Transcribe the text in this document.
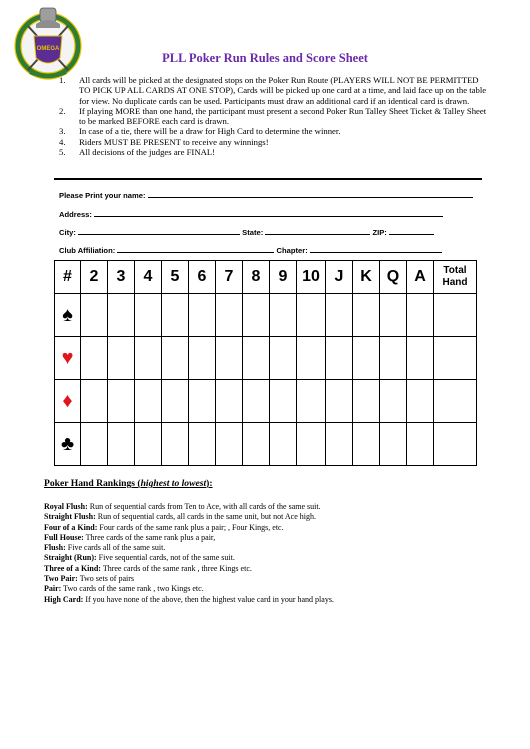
OMEGA
PLL Poker Run Rules and Score Sheet
1. All cards will be picked at the designated stops on the Poker Run Route (PLAYERS WILL NOT BE PERMITTED TO PICK UP ALL CARDS AT ONE STOP), Cards will be picked up one card at a time, and laid face up on the table for view. No duplicate cards can be used. Participants must draw an additional card if an identical card is drawn.
2. If playing MORE than one hand, the participant must present a second Poker Run Talley Sheet Ticket & Talley Sheet to be marked BEFORE each card is drawn.
3. In case of a tie, there will be a draw for High Card to determine the winner.
4. Riders MUST BE PRESENT to receive any winnings!
5. All decisions of the judges are FINAL!
Please Print your name:
Address:
City:	State:	ZIP:
Club Affiliation:	Chapter:
#	2	3	4	5	6	7	8	9	10	J	K	Q	A	Total
Hand
♠														
♥														
♦														
♣														
Poker Hand Rankings (highest to lowest):
Royal Flush: Run of sequential cards from Ten to Ace, with all cards of the same suit.
Straight Flush: Run of sequential cards, all cards in the same unit, but not Ace high.
Four of a Kind: Four cards of the same rank plus a pair; , Four Kings, etc.
Full House: Three cards of the same rank plus a pair,
Flush: Five cards all of the same suit.
Straight (Run): Five sequential cards, not of the same suit.
Three of a Kind: Three cards of the same rank , three Kings etc.
Two Pair: Two sets of pairs
Pair: Two cards of the same rank , two Kings etc.
High Card: If you have none of the above, then the highest value card in your hand plays.
